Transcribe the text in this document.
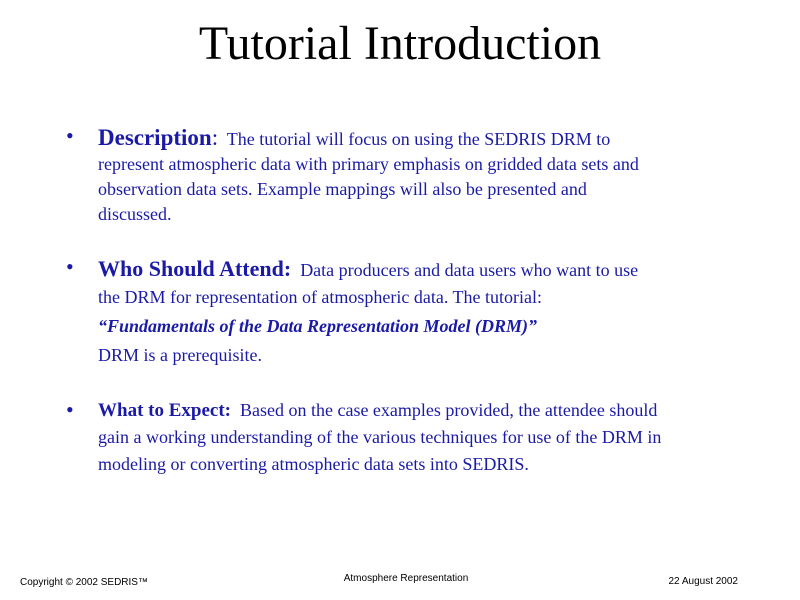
Tutorial Introduction
• Description: The tutorial will focus on using the SEDRIS DRM to
represent atmospheric data with primary emphasis on gridded data sets and
observation data sets. Example mappings will also be presented and
discussed.
• Who Should Attend: Data producers and data users who want to use
the DRM for representation of atmospheric data. The tutorial:
“Fundamentals of the Data Representation Model (DRM)”
DRM is a prerequisite.
• What to Expect: Based on the case examples provided, the attendee should
gain a working understanding of the various techniques for use of the DRM in
modeling or converting atmospheric data sets into SEDRIS.
Copyright © 2002 SEDRIS™	Atmosphere Representation	22 August 2002
